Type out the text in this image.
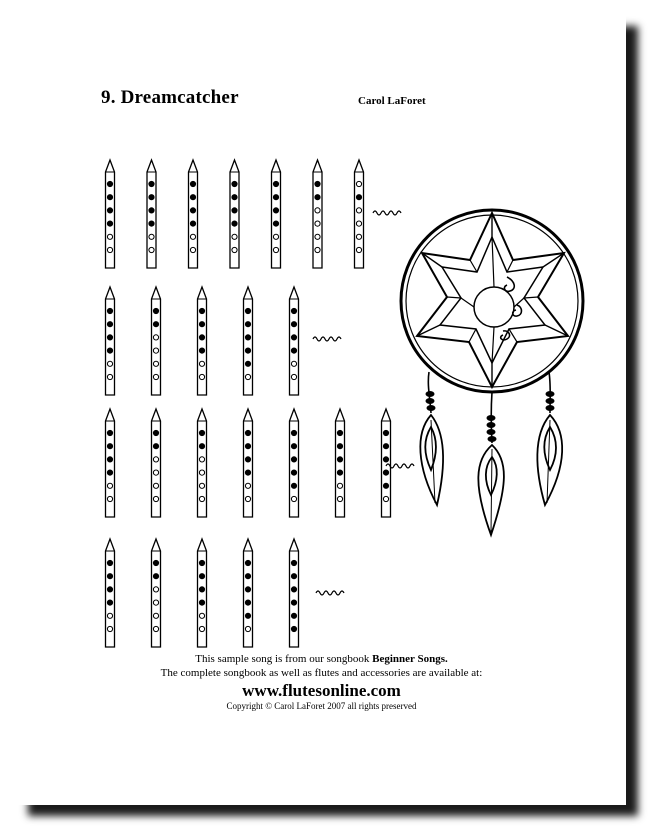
9. Dreamcatcher	Carol LaForet
This sample song is from our songbook Beginner Songs.
The complete songbook as well as flutes and accessories are available at:
www.flutesonline.com
Copyright © Carol LaForet 2007 all rights preserved
